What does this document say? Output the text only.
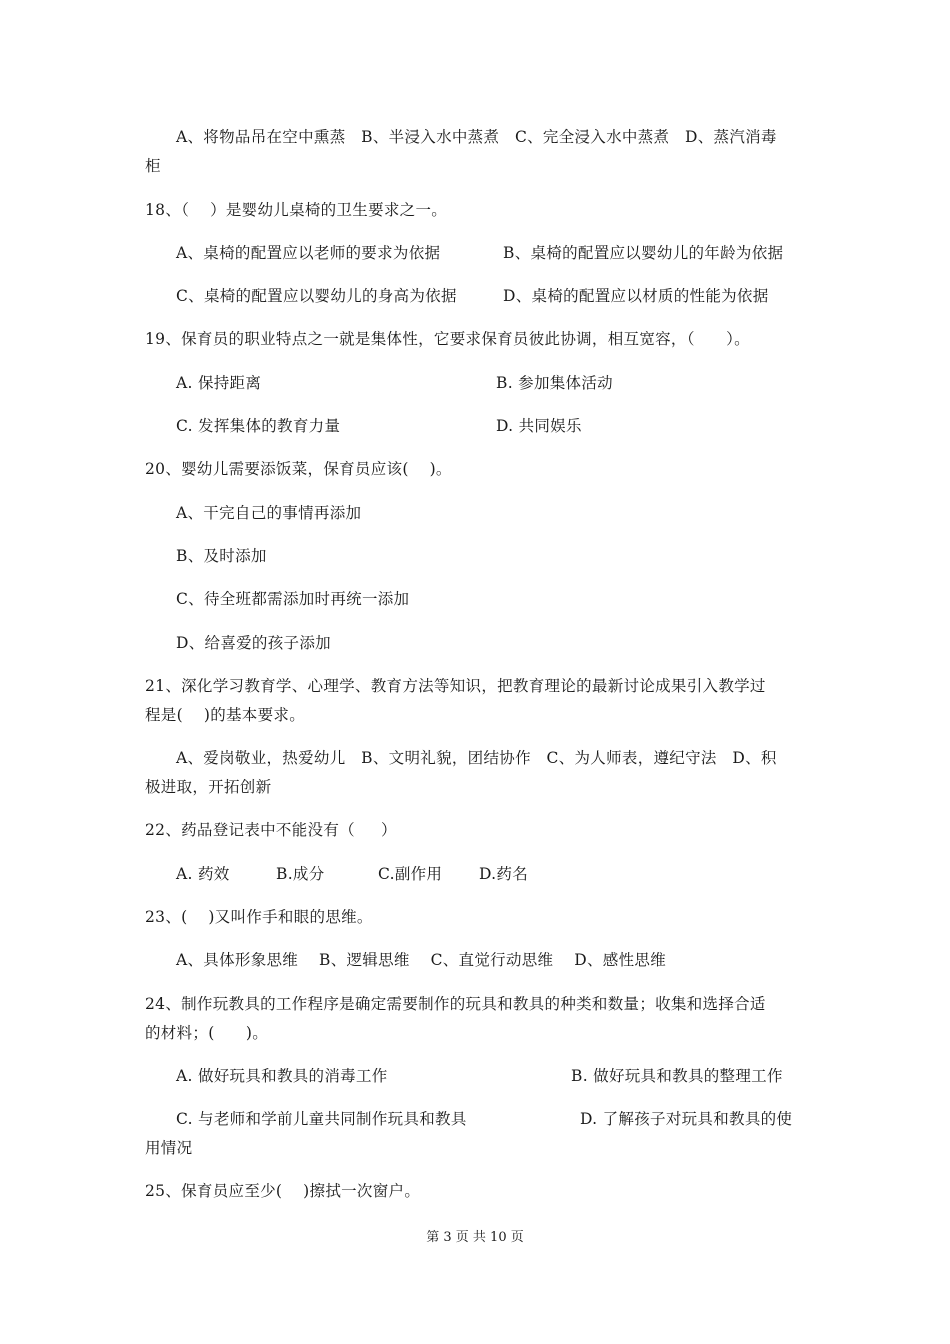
A、将物品吊在空中熏蒸   B、半浸入水中蒸煮   C、完全浸入水中蒸煮   D、蒸汽消毒
柜
18、（    ）是婴幼儿桌椅的卫生要求之一。
A、桌椅的配置应以老师的要求为依据	B、桌椅的配置应以婴幼儿的年龄为依据
C、桌椅的配置应以婴幼儿的身高为依据	D、桌椅的配置应以材质的性能为依据
19、保育员的职业特点之一就是集体性，它要求保育员彼此协调，相互宽容，（      ）。
A. 保持距离	B. 参加集体活动
C. 发挥集体的教育力量	D. 共同娱乐
20、婴幼儿需要添饭菜，保育员应该(    )。
A、干完自己的事情再添加
B、及时添加
C、待全班都需添加时再统一添加
D、给喜爱的孩子添加
21、深化学习教育学、心理学、教育方法等知识，把教育理论的最新讨论成果引入教学过
程是(    )的基本要求。
A、爱岗敬业，热爱幼儿   B、文明礼貌，团结协作   C、为人师表，遵纪守法   D、积
极进取，开拓创新
22、药品登记表中不能没有（     ）
A. 药效	B.成分	C.副作用 D.药名
23、(    )又叫作手和眼的思维。
A、具体形象思维    B、逻辑思维    C、直觉行动思维    D、感性思维
24、制作玩教具的工作程序是确定需要制作的玩具和教具的种类和数量；收集和选择合适
的材料；(      )。
A. 做好玩具和教具的消毒工作	B. 做好玩具和教具的整理工作
C. 与老师和学前儿童共同制作玩具和教具	D. 了解孩子对玩具和教具的使
用情况
25、保育员应至少(    )擦拭一次窗户。
第 3 页 共 10 页
